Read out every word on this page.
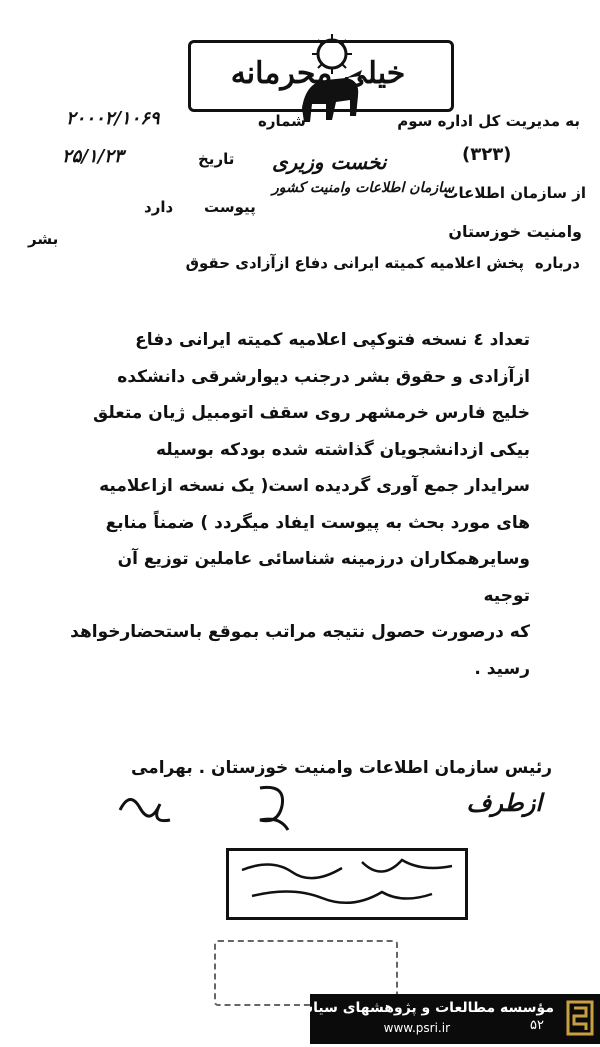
خیلی محرمانه
به مدیریت کل اداره سوم
شماره
۲۰۰۰۲/۱۰۶۹
(۳۲۳)
تاریخ
۲۵/۱/۲۳	نخست وزیری
از سازمان اطلاعات
سازمان اطلاعات وامنیت کشور
پیوست
دارد
وامنیت خوزستان
درباره
پخش اعلامیه کمیته ایرانی دفاع ازآزادی حقوق
بشر

تعداد ٤ نسخه فتوکپی اعلامیه کمیته ایرانی دفاع

ازآزادی و حقوق بشر درجنب دیوارشرقی دانشکده

خلیج فارس خرمشهر روی سقف اتومبیل ژیان متعلق

بیکی ازدانشجویان گذاشته شده بودکه بوسیله

سرایدار جمع آوری گردیده است( یک نسخه ازاعلامیه

های مورد بحث به پیوست ایفاد میگردد ) ضمناً منابع

وسایرهمکاران درزمینه شناسائی عاملین توزیع آن توجیه

که درصورت حصول نتیجه مراتب بموقع باستحضارخواهد

رسید .

رئیس سازمان اطلاعات وامنیت خوزستان . بهرامی
ازطرف
مؤسسه مطالعات و پژوهشهای سیاسی
www.psri.ir	۵۲
